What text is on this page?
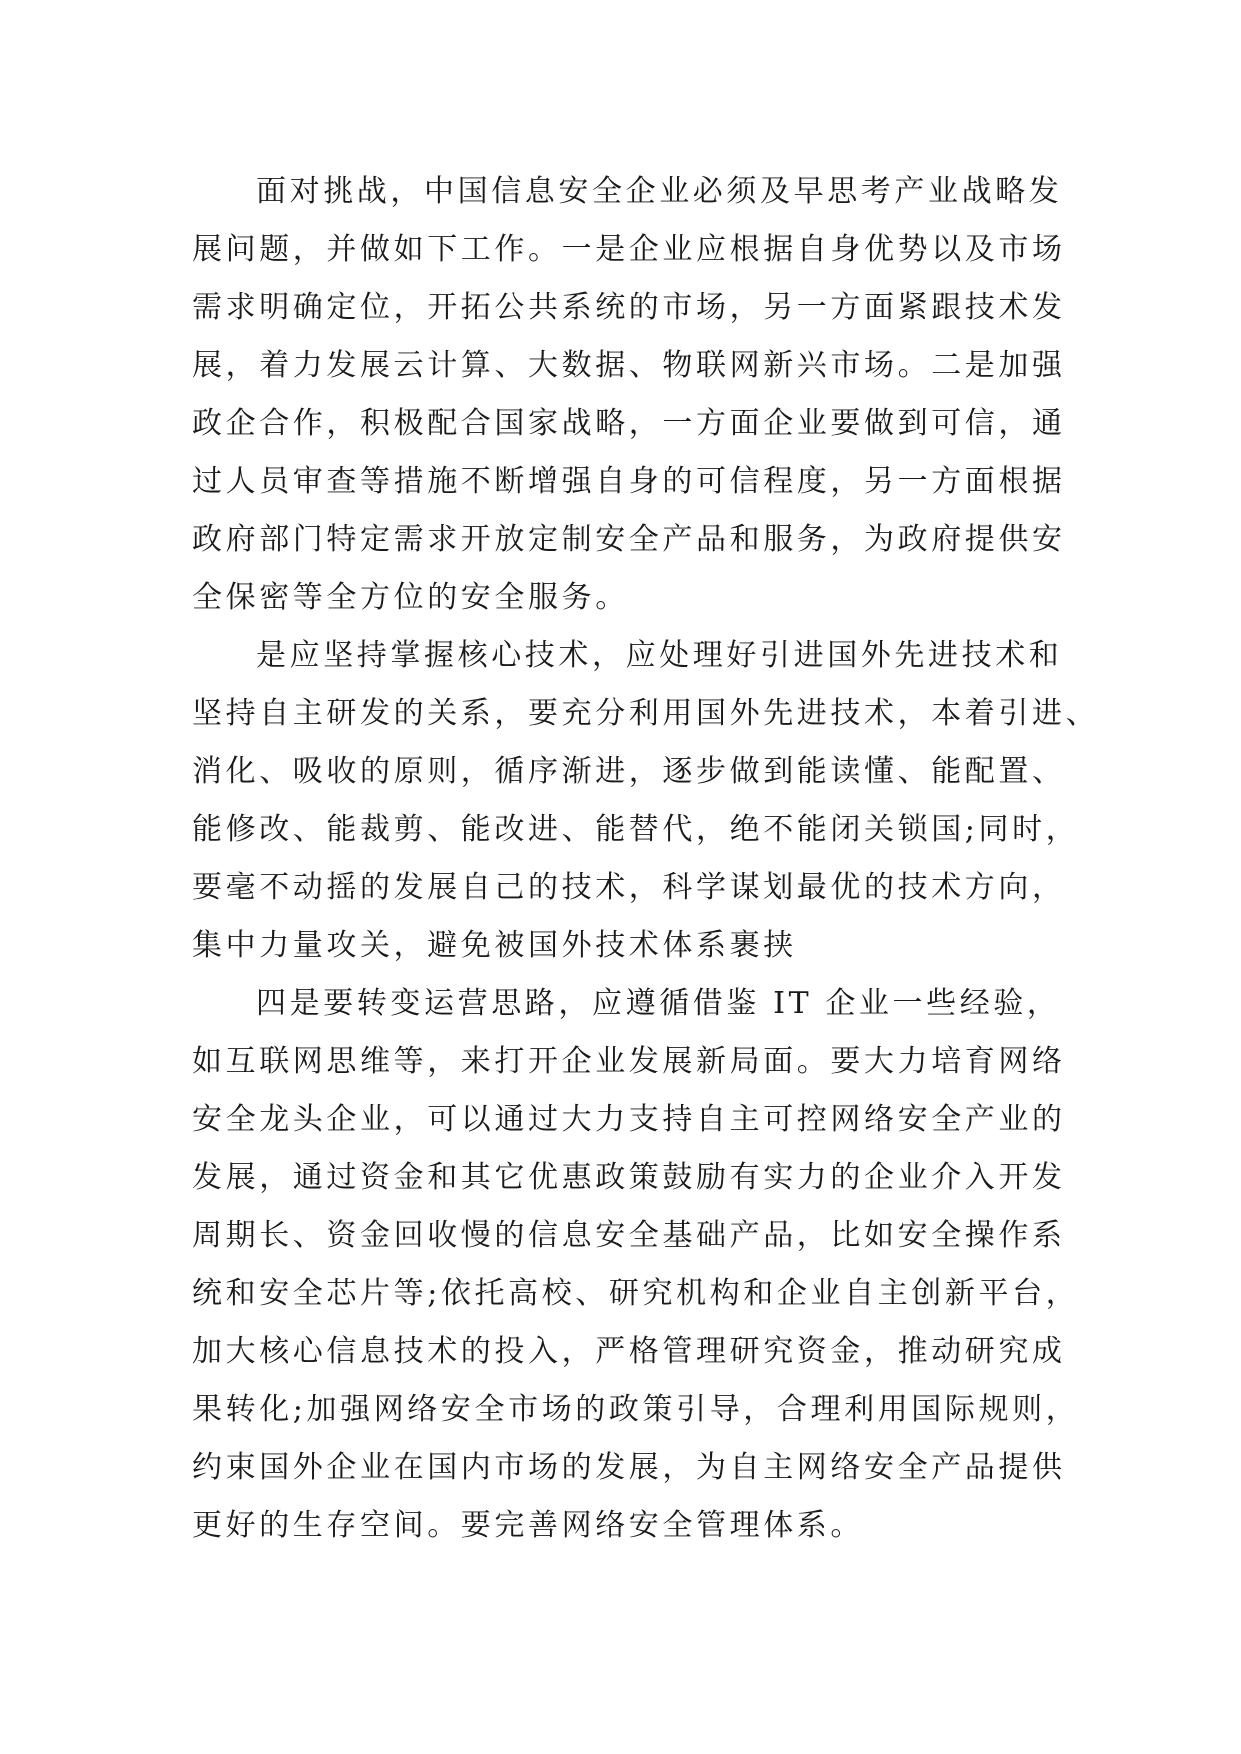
面对挑战，中国信息安全企业必须及早思考产业战略发
展问题，并做如下工作。一是企业应根据自身优势以及市场
需求明确定位，开拓公共系统的市场，另一方面紧跟技术发
展，着力发展云计算、大数据、物联网新兴市场。二是加强
政企合作，积极配合国家战略，一方面企业要做到可信，通
过人员审查等措施不断增强自身的可信程度，另一方面根据
政府部门特定需求开放定制安全产品和服务，为政府提供安
全保密等全方位的安全服务。
是应坚持掌握核心技术，应处理好引进国外先进技术和
坚持自主研发的关系，要充分利用国外先进技术，本着引进、
消化、吸收的原则，循序渐进，逐步做到能读懂、能配置、
能修改、能裁剪、能改进、能替代，绝不能闭关锁国;同时，
要毫不动摇的发展自己的技术，科学谋划最优的技术方向，
集中力量攻关，避免被国外技术体系裹挟
四是要转变运营思路，应遵循借鉴 IT 企业一些经验，
如互联网思维等，来打开企业发展新局面。要大力培育网络
安全龙头企业，可以通过大力支持自主可控网络安全产业的
发展，通过资金和其它优惠政策鼓励有实力的企业介入开发
周期长、资金回收慢的信息安全基础产品，比如安全操作系
统和安全芯片等;依托高校、研究机构和企业自主创新平台，
加大核心信息技术的投入，严格管理研究资金，推动研究成
果转化;加强网络安全市场的政策引导，合理利用国际规则，
约束国外企业在国内市场的发展，为自主网络安全产品提供
更好的生存空间。要完善网络安全管理体系。
